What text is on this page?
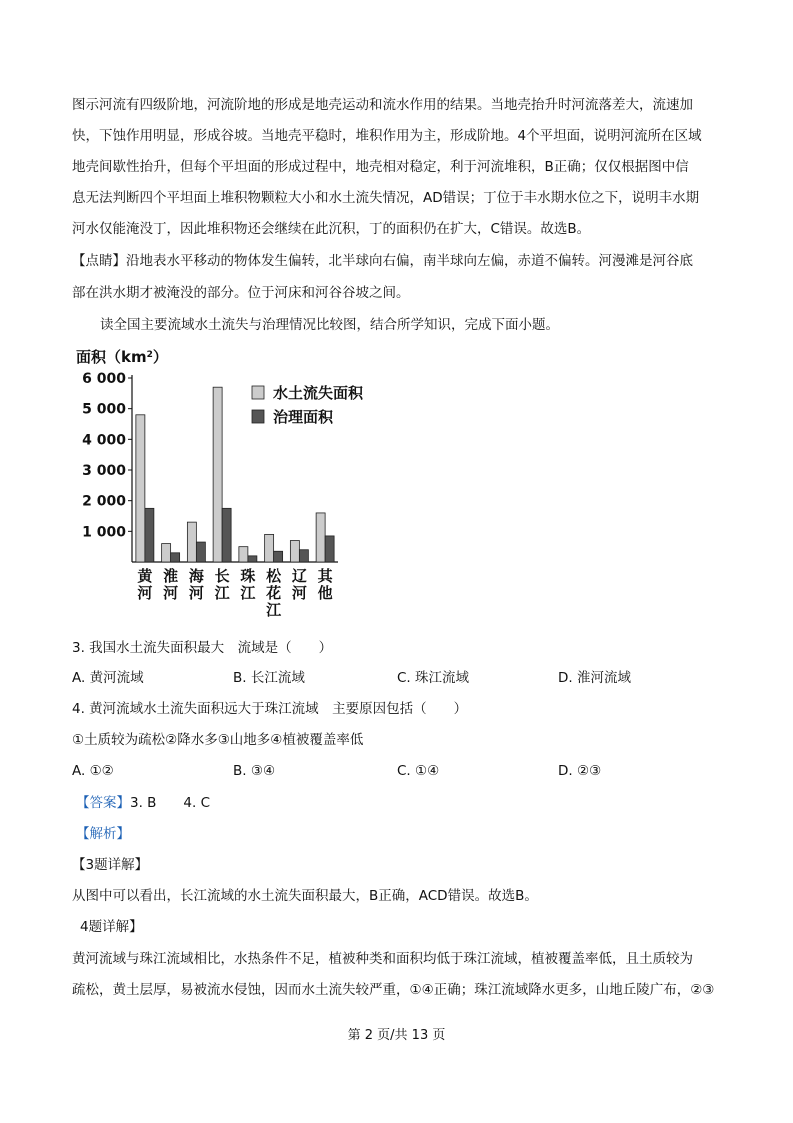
图示河流有四级阶地，河流阶地的形成是地壳运动和流水作用的结果。当地壳抬升时河流落差大，流速加
快，下蚀作用明显，形成谷坡。当地壳平稳时，堆积作用为主，形成阶地。4个平坦面，说明河流所在区域
地壳间歇性抬升，但每个平坦面的形成过程中，地壳相对稳定，利于河流堆积，B正确；仅仅根据图中信
息无法判断四个平坦面上堆积物颗粒大小和水土流失情况，AD错误；丁位于丰水期水位之下，说明丰水期
河水仅能淹没丁，因此堆积物还会继续在此沉积，丁的面积仍在扩大，C错误。故选B。
【点睛】沿地表水平移动的物体发生偏转，北半球向右偏，南半球向左偏，赤道不偏转。河漫滩是河谷底
部在洪水期才被淹没的部分。位于河床和河谷谷坡之间。
读全国主要流域水土流失与治理情况比较图，结合所学知识，完成下面小题。
面积$(km^2)$
1 000
2 000
3 000
4 000
5 000
6 000
黄
河
淮
河
海
河
长
江
珠
江
松
花
江
辽
河
其
他
水土流失面积
治理面积
3. 我国水土流失面积最大　流域是（　　）
A. 黄河流域	B. 长江流域	C. 珠江流域	D. 淮河流域
4. 黄河流域水土流失面积远大于珠江流域　主要原因包括（　　）
①土质较为疏松②降水多③山地多④植被覆盖率低
A. ①②	B. ③④	C. ①④	D. ②③
【答案】3. B　　4. C
【解析】
【3题详解】
从图中可以看出，长江流域的水土流失面积最大，B正确，ACD错误。故选B。
4题详解】
黄河流域与珠江流域相比，水热条件不足，植被种类和面积均低于珠江流域，植被覆盖率低，且土质较为
疏松，黄土层厚，易被流水侵蚀，因而水土流失较严重，①④正确；珠江流域降水更多，山地丘陵广布，②③
第 2 页/共 13 页
